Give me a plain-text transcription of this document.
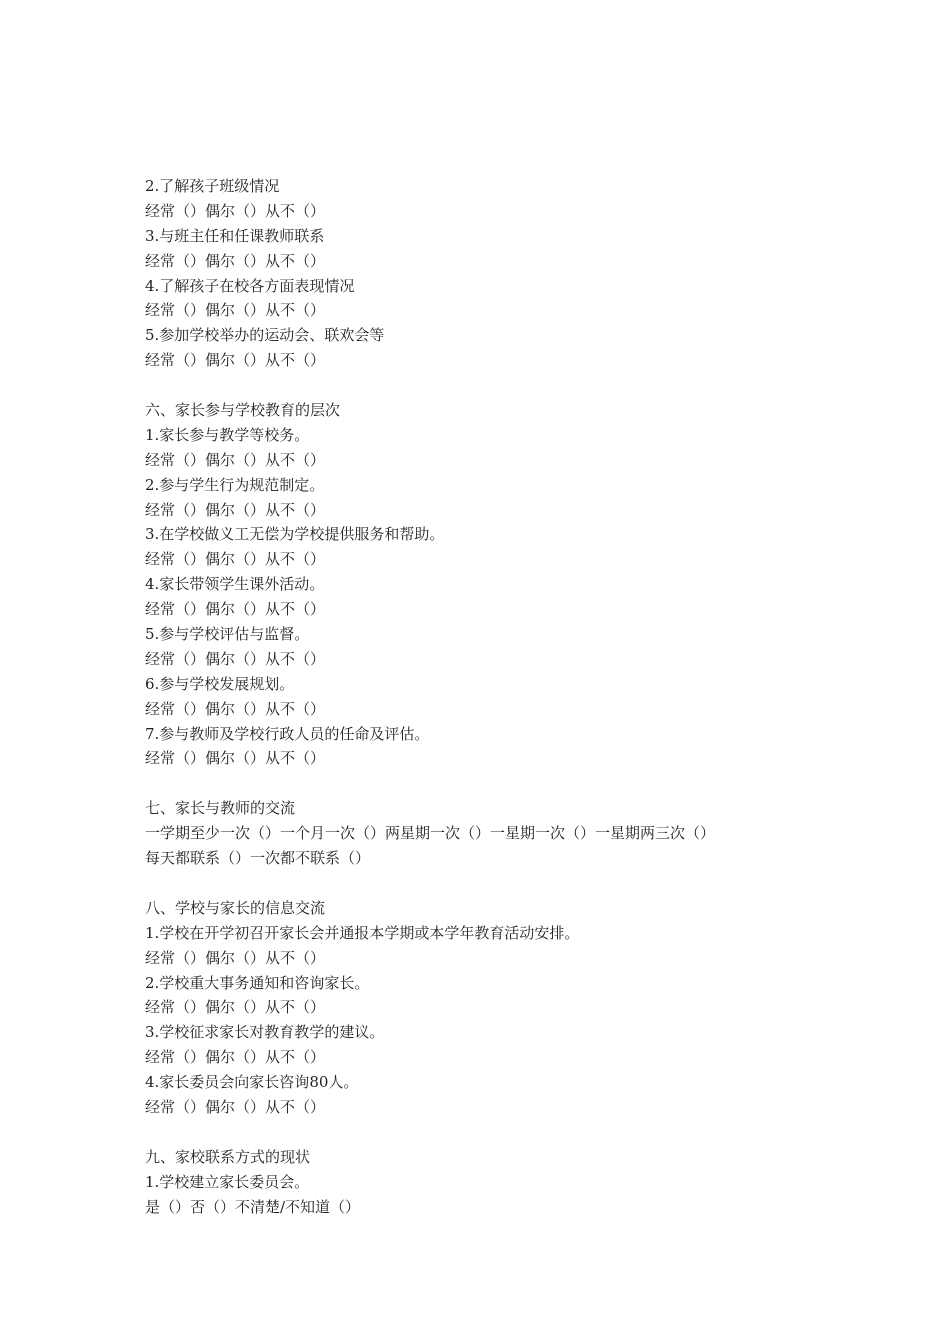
2.了解孩子班级情况
经常（）偶尔（）从不（）
3.与班主任和任课教师联系
经常（）偶尔（）从不（）
4.了解孩子在校各方面表现情况
经常（）偶尔（）从不（）
5.参加学校举办的运动会、联欢会等
经常（）偶尔（）从不（）
六、家长参与学校教育的层次
1.家长参与教学等校务。
经常（）偶尔（）从不（）
2.参与学生行为规范制定。
经常（）偶尔（）从不（）
3.在学校做义工无偿为学校提供服务和帮助。
经常（）偶尔（）从不（）
4.家长带领学生课外活动。
经常（）偶尔（）从不（）
5.参与学校评估与监督。
经常（）偶尔（）从不（）
6.参与学校发展规划。
经常（）偶尔（）从不（）
7.参与教师及学校行政人员的任命及评估。
经常（）偶尔（）从不（）
七、家长与教师的交流
一学期至少一次（）一个月一次（）两星期一次（）一星期一次（）一星期两三次（）
每天都联系（）一次都不联系（）
八、学校与家长的信息交流
1.学校在开学初召开家长会并通报本学期或本学年教育活动安排。
经常（）偶尔（）从不（）
2.学校重大事务通知和咨询家长。
经常（）偶尔（）从不（）
3.学校征求家长对教育教学的建议。
经常（）偶尔（）从不（）
4.家长委员会向家长咨询80人。
经常（）偶尔（）从不（）
九、家校联系方式的现状
1.学校建立家长委员会。
是（）否（）不清楚/不知道（）
